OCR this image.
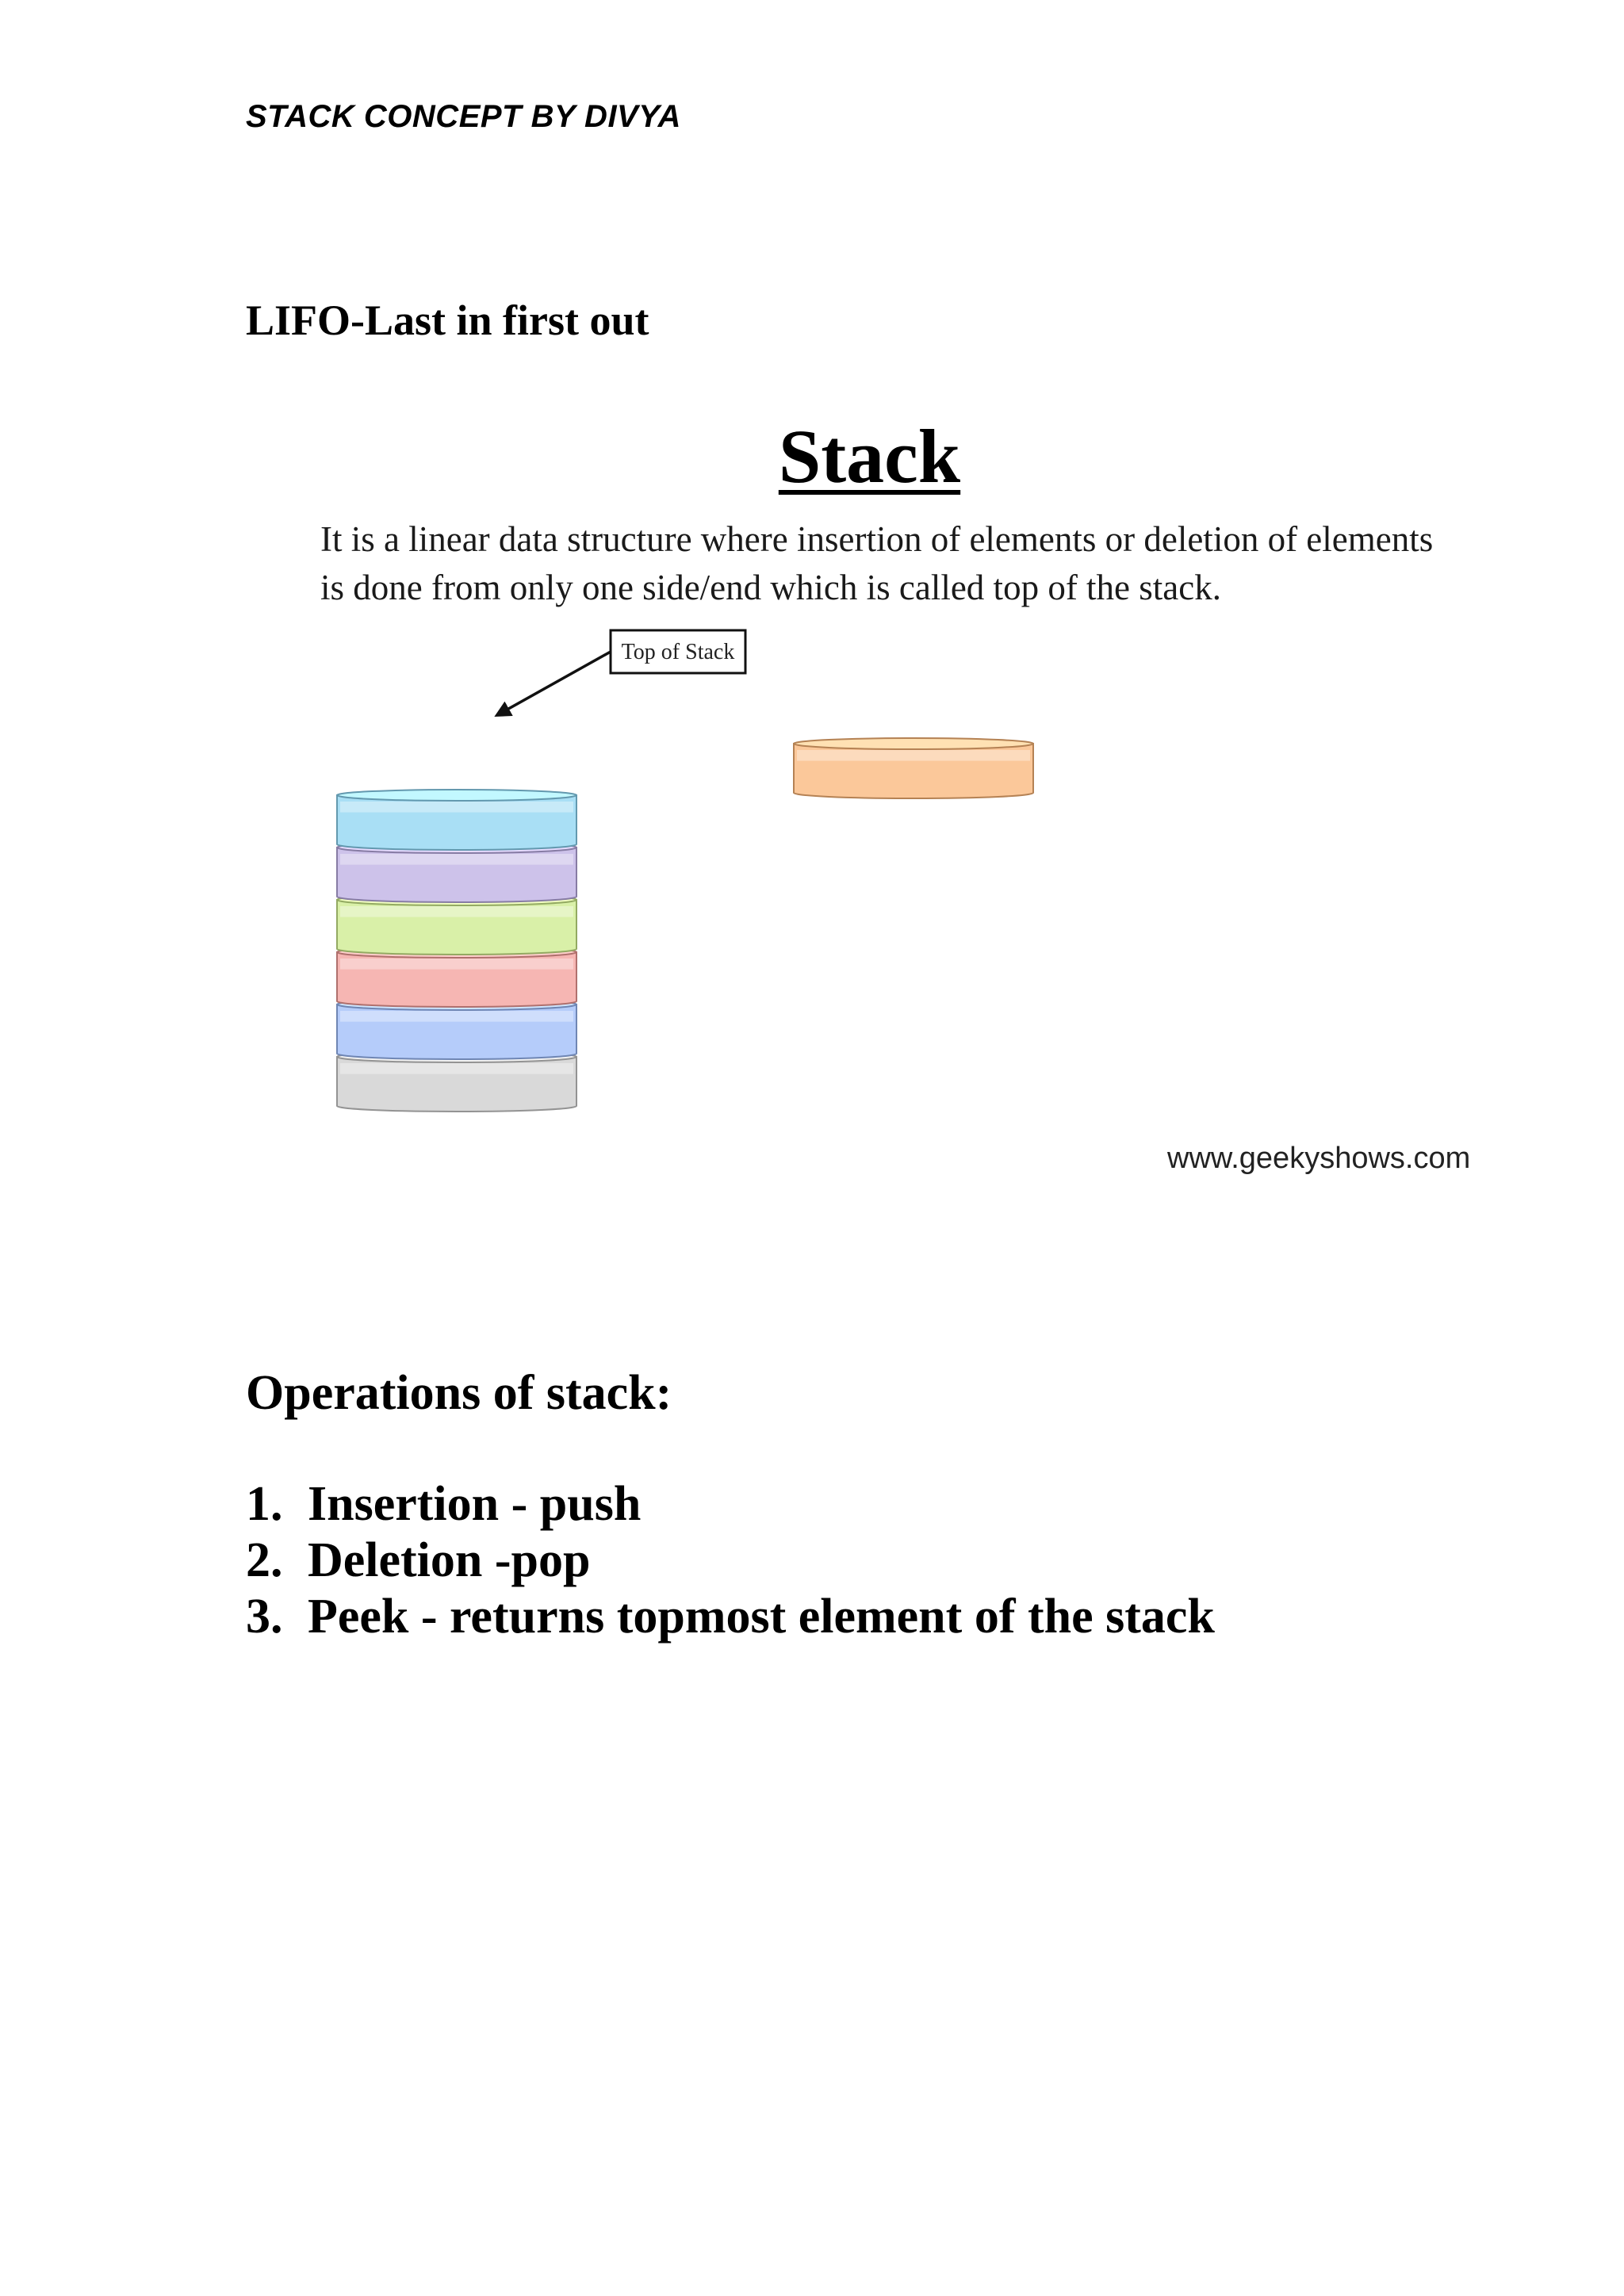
STACK CONCEPT BY DIVYA
LIFO-Last in first out
Stack
It is a linear data structure where insertion of elements or deletion of elements
is done from only one side/end which is called top of the stack.
Top of Stack
www.geekyshows.com
Operations of stack:
1. Insertion - push
2. Deletion -pop
3. Peek - returns topmost element of the stack
